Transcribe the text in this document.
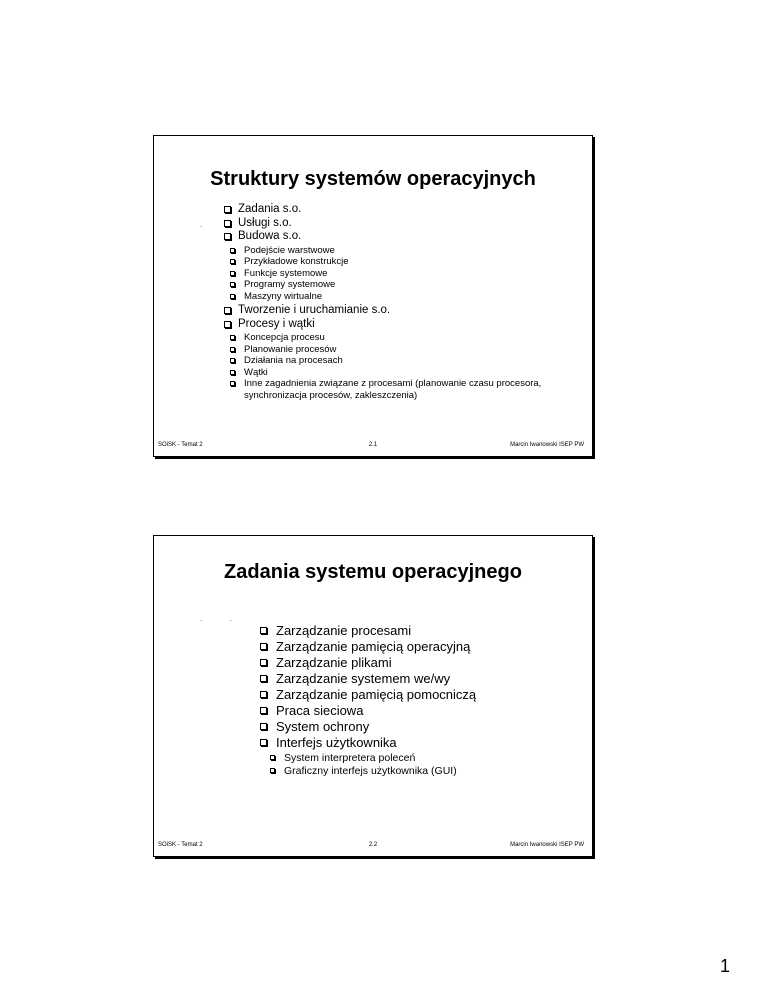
Struktury systemów operacyjnych
-
Zadania s.o.
Usługi s.o.
Budowa s.o.
Podejście warstwowe
Przykładowe konstrukcje
Funkcje systemowe
Programy systemowe
Maszyny wirtualne
Tworzenie i uruchamianie s.o.
Procesy i wątki
Koncepcja procesu
Planowanie procesów
Działania na procesach
Wątki
Inne zagadnienia związane z procesami (planowanie czasu procesora, synchronizacja procesów, zakleszczenia)
SOiSK - Temat 2	2.1	Marcin Iwanowski ISEP PW
Zadania systemu operacyjnego
-	-
Zarządzanie procesami
Zarządzanie pamięcią operacyjną
Zarządzanie plikami
Zarządzanie systemem we/wy
Zarządzanie pamięcią pomocniczą
Praca sieciowa
System ochrony
Interfejs użytkownika
System interpretera poleceń
Graficzny interfejs użytkownika (GUI)
SOiSK - Temat 2	2.2	Marcin Iwanowski ISEP PW
1
